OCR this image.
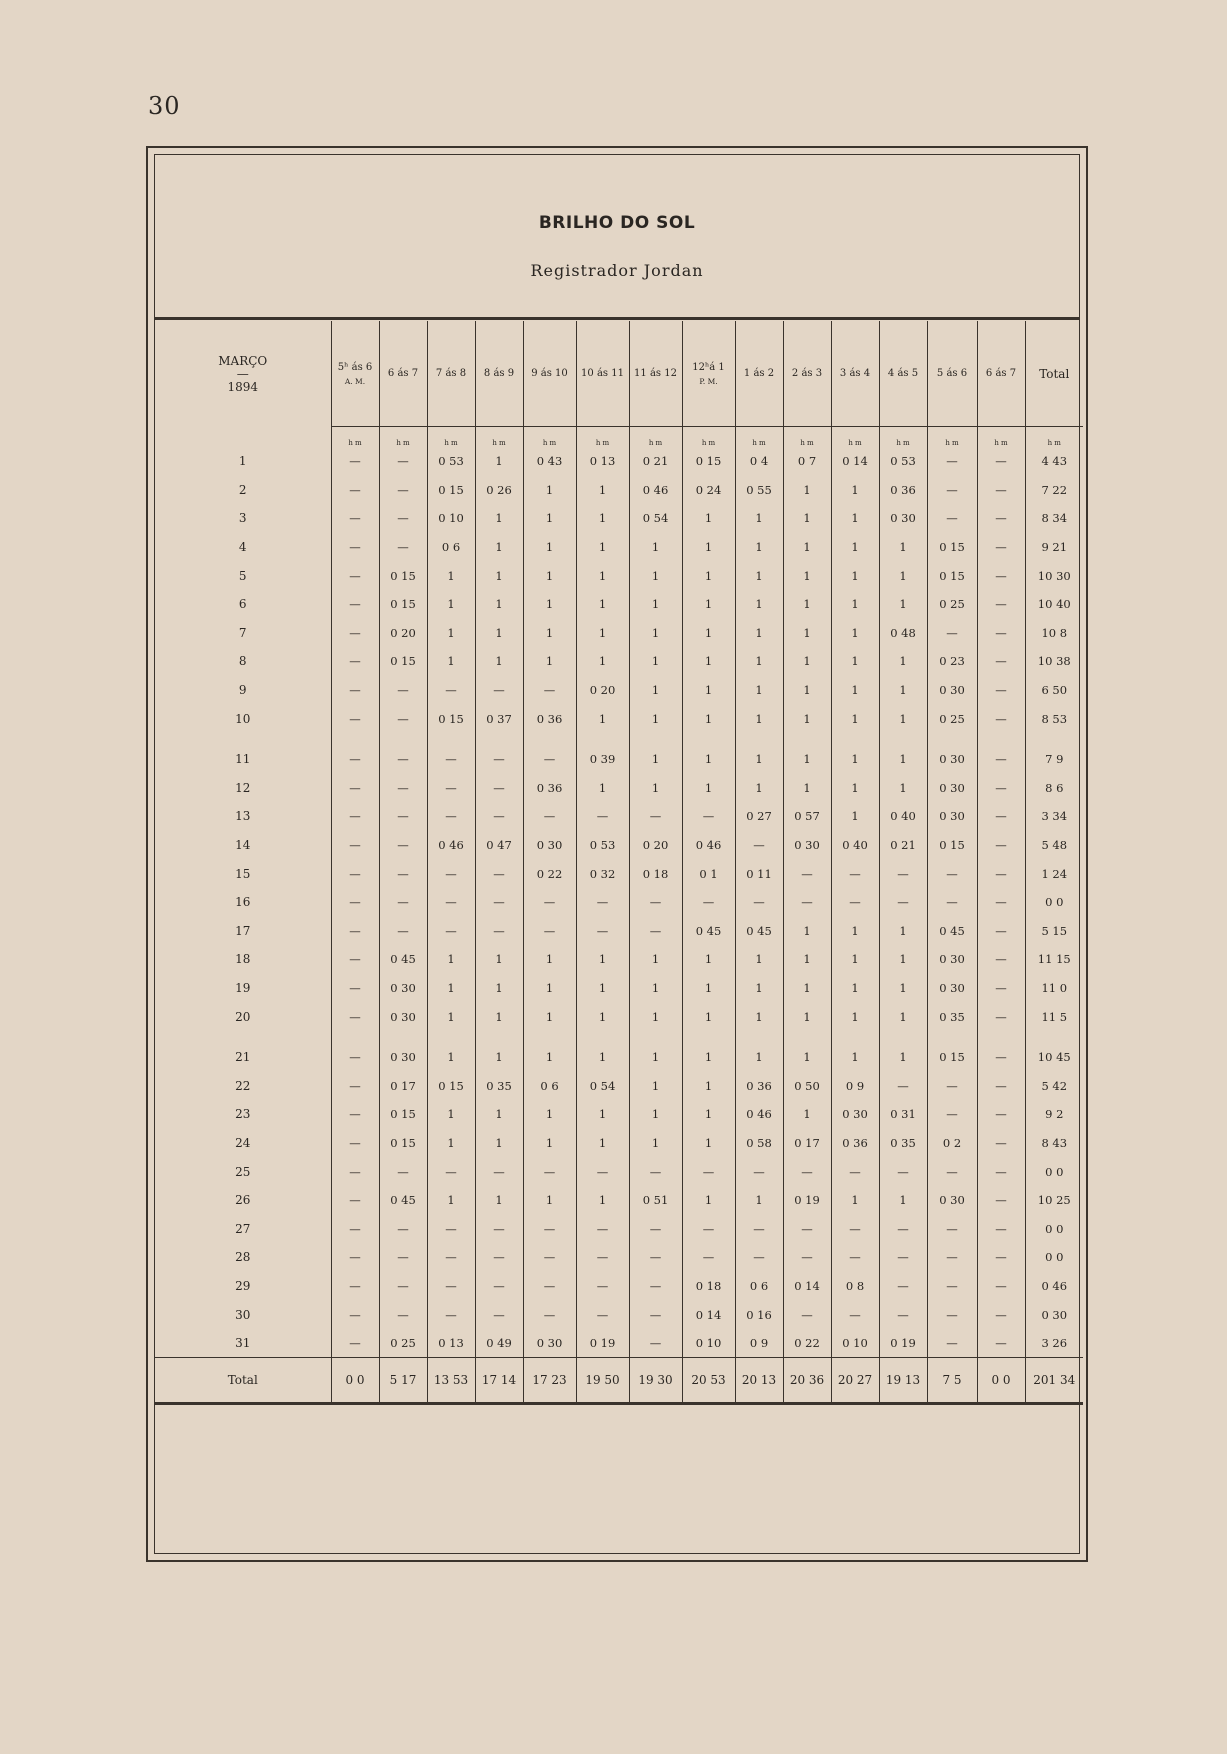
30
BRILHO DO SOL
Registrador Jordan
MARÇO
—
1894	5ʰ ás 6
A. M.	6 ás 7	7 ás 8	8 ás 9	9 ás 10	10 ás 11	11 ás 12	12ʰá 1
P. M.	1 ás 2	2 ás 3	3 ás 4	4 ás 5	5 ás 6	6 ás 7	Total
	h m	h m	h m	h m	h m	h m	h m	h m	h m	h m	h m	h m	h m	h m	h m
1	—	—	0 53	1	0 43	0 13	0 21	0 15	0 4	0 7	0 14	0 53	—	—	4 43
2	—	—	0 15	0 26	1	1	0 46	0 24	0 55	1	1	0 36	—	—	7 22
3	—	—	0 10	1	1	1	0 54	1	1	1	1	0 30	—	—	8 34
4	—	—	0 6	1	1	1	1	1	1	1	1	1	0 15	—	9 21
5	—	0 15	1	1	1	1	1	1	1	1	1	1	0 15	—	10 30
6	—	0 15	1	1	1	1	1	1	1	1	1	1	0 25	—	10 40
7	—	0 20	1	1	1	1	1	1	1	1	1	0 48	—	—	10 8
8	—	0 15	1	1	1	1	1	1	1	1	1	1	0 23	—	10 38
9	—	—	—	—	—	0 20	1	1	1	1	1	1	0 30	—	6 50
10	—	—	0 15	0 37	0 36	1	1	1	1	1	1	1	0 25	—	8 53

11	—	—	—	—	—	0 39	1	1	1	1	1	1	0 30	—	7 9
12	—	—	—	—	0 36	1	1	1	1	1	1	1	0 30	—	8 6
13	—	—	—	—	—	—	—	—	0 27	0 57	1	0 40	0 30	—	3 34
14	—	—	0 46	0 47	0 30	0 53	0 20	0 46	—	0 30	0 40	0 21	0 15	—	5 48
15	—	—	—	—	0 22	0 32	0 18	0 1	0 11	—	—	—	—	—	1 24
16	—	—	—	—	—	—	—	—	—	—	—	—	—	—	0 0
17	—	—	—	—	—	—	—	0 45	0 45	1	1	1	0 45	—	5 15
18	—	0 45	1	1	1	1	1	1	1	1	1	1	0 30	—	11 15
19	—	0 30	1	1	1	1	1	1	1	1	1	1	0 30	—	11 0
20	—	0 30	1	1	1	1	1	1	1	1	1	1	0 35	—	11 5

21	—	0 30	1	1	1	1	1	1	1	1	1	1	0 15	—	10 45
22	—	0 17	0 15	0 35	0 6	0 54	1	1	0 36	0 50	0 9	—	—	—	5 42
23	—	0 15	1	1	1	1	1	1	0 46	1	0 30	0 31	—	—	9 2
24	—	0 15	1	1	1	1	1	1	0 58	0 17	0 36	0 35	0 2	—	8 43
25	—	—	—	—	—	—	—	—	—	—	—	—	—	—	0 0
26	—	0 45	1	1	1	1	0 51	1	1	0 19	1	1	0 30	—	10 25
27	—	—	—	—	—	—	—	—	—	—	—	—	—	—	0 0
28	—	—	—	—	—	—	—	—	—	—	—	—	—	—	0 0
29	—	—	—	—	—	—	—	0 18	0 6	0 14	0 8	—	—	—	0 46
30	—	—	—	—	—	—	—	0 14	0 16	—	—	—	—	—	0 30
31	—	0 25	0 13	0 49	0 30	0 19	—	0 10	0 9	0 22	0 10	0 19	—	—	3 26
Total	0 0	5 17	13 53	17 14	17 23	19 50	19 30	20 53	20 13	20 36	20 27	19 13	7 5	0 0	201 34
